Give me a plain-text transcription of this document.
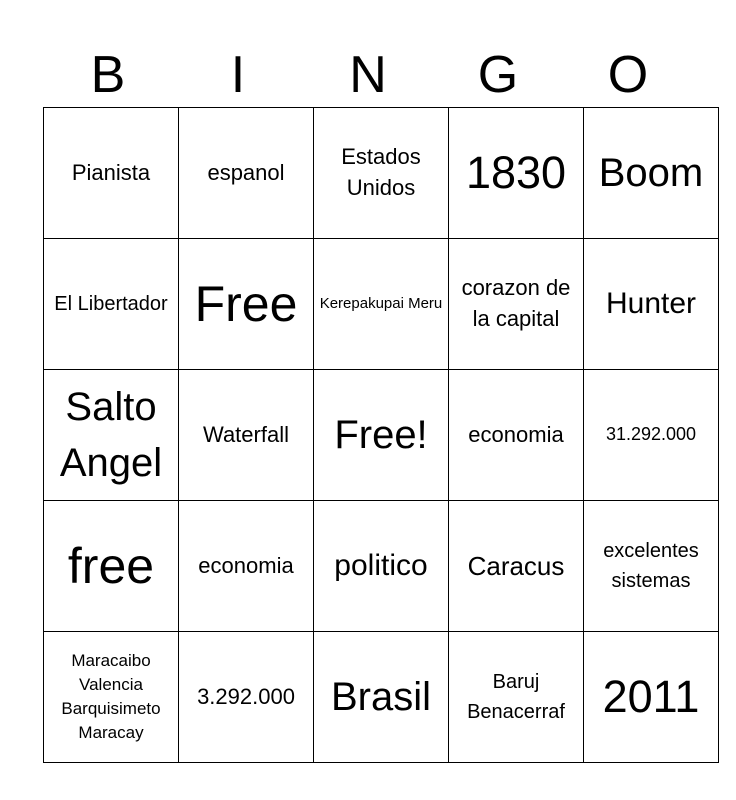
B	I	N	G	O
Pianista	espanol	Estados Unidos	1830	Boom
El Libertador	Free	Kerepakupai Meru	corazon de la capital	Hunter
Salto Angel	Waterfall	Free!	economia	31.292.000
free	economia	politico	Caracus	excelentes sistemas
Maracaibo Valencia Barquisimeto Maracay	3.292.000	Brasil	Baruj Benacerraf	2011
